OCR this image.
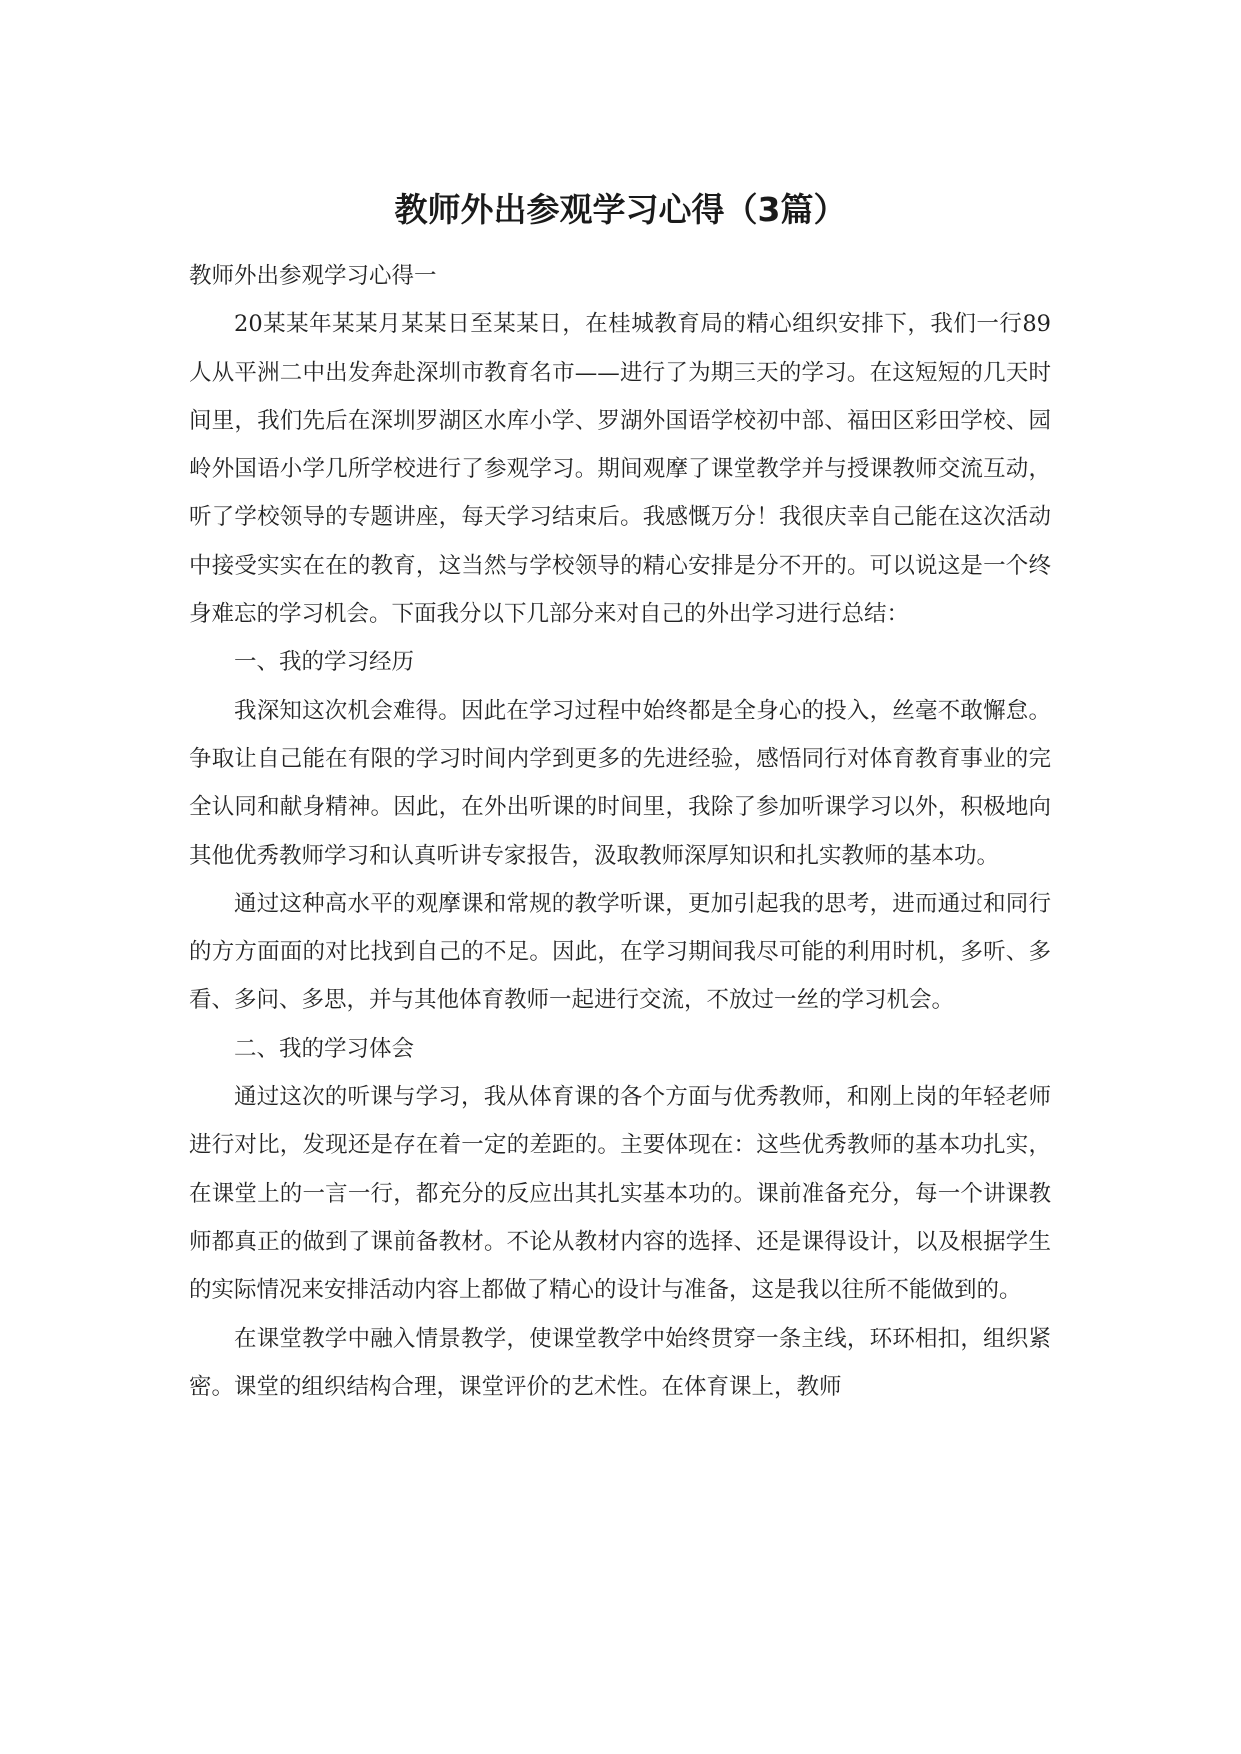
教师外出参观学习心得（3篇）

教师外出参观学习心得一

20某某年某某月某某日至某某日，在桂城教育局的精心组织安排下，我们一行89人从平洲二中出发奔赴深圳市教育名市——进行了为期三天的学习。在这短短的几天时间里，我们先后在深圳罗湖区水库小学、罗湖外国语学校初中部、福田区彩田学校、园岭外国语小学几所学校进行了参观学习。期间观摩了课堂教学并与授课教师交流互动，听了学校领导的专题讲座，每天学习结束后。我感慨万分！我很庆幸自己能在这次活动中接受实实在在的教育，这当然与学校领导的精心安排是分不开的。可以说这是一个终身难忘的学习机会。下面我分以下几部分来对自己的外出学习进行总结：

一、我的学习经历

我深知这次机会难得。因此在学习过程中始终都是全身心的投入，丝毫不敢懈怠。争取让自己能在有限的学习时间内学到更多的先进经验，感悟同行对体育教育事业的完全认同和献身精神。因此，在外出听课的时间里，我除了参加听课学习以外，积极地向其他优秀教师学习和认真听讲专家报告，汲取教师深厚知识和扎实教师的基本功。

通过这种高水平的观摩课和常规的教学听课，更加引起我的思考，进而通过和同行的方方面面的对比找到自己的不足。因此，在学习期间我尽可能的利用时机，多听、多看、多问、多思，并与其他体育教师一起进行交流，不放过一丝的学习机会。

二、我的学习体会

通过这次的听课与学习，我从体育课的各个方面与优秀教师，和刚上岗的年轻老师进行对比，发现还是存在着一定的差距的。主要体现在：这些优秀教师的基本功扎实，在课堂上的一言一行，都充分的反应出其扎实基本功的。课前准备充分，每一个讲课教师都真正的做到了课前备教材。不论从教材内容的选择、还是课得设计，以及根据学生的实际情况来安排活动内容上都做了精心的设计与准备，这是我以往所不能做到的。

在课堂教学中融入情景教学，使课堂教学中始终贯穿一条主线，环环相扣，组织紧密。课堂的组织结构合理，课堂评价的艺术性。在体育课上，教师
